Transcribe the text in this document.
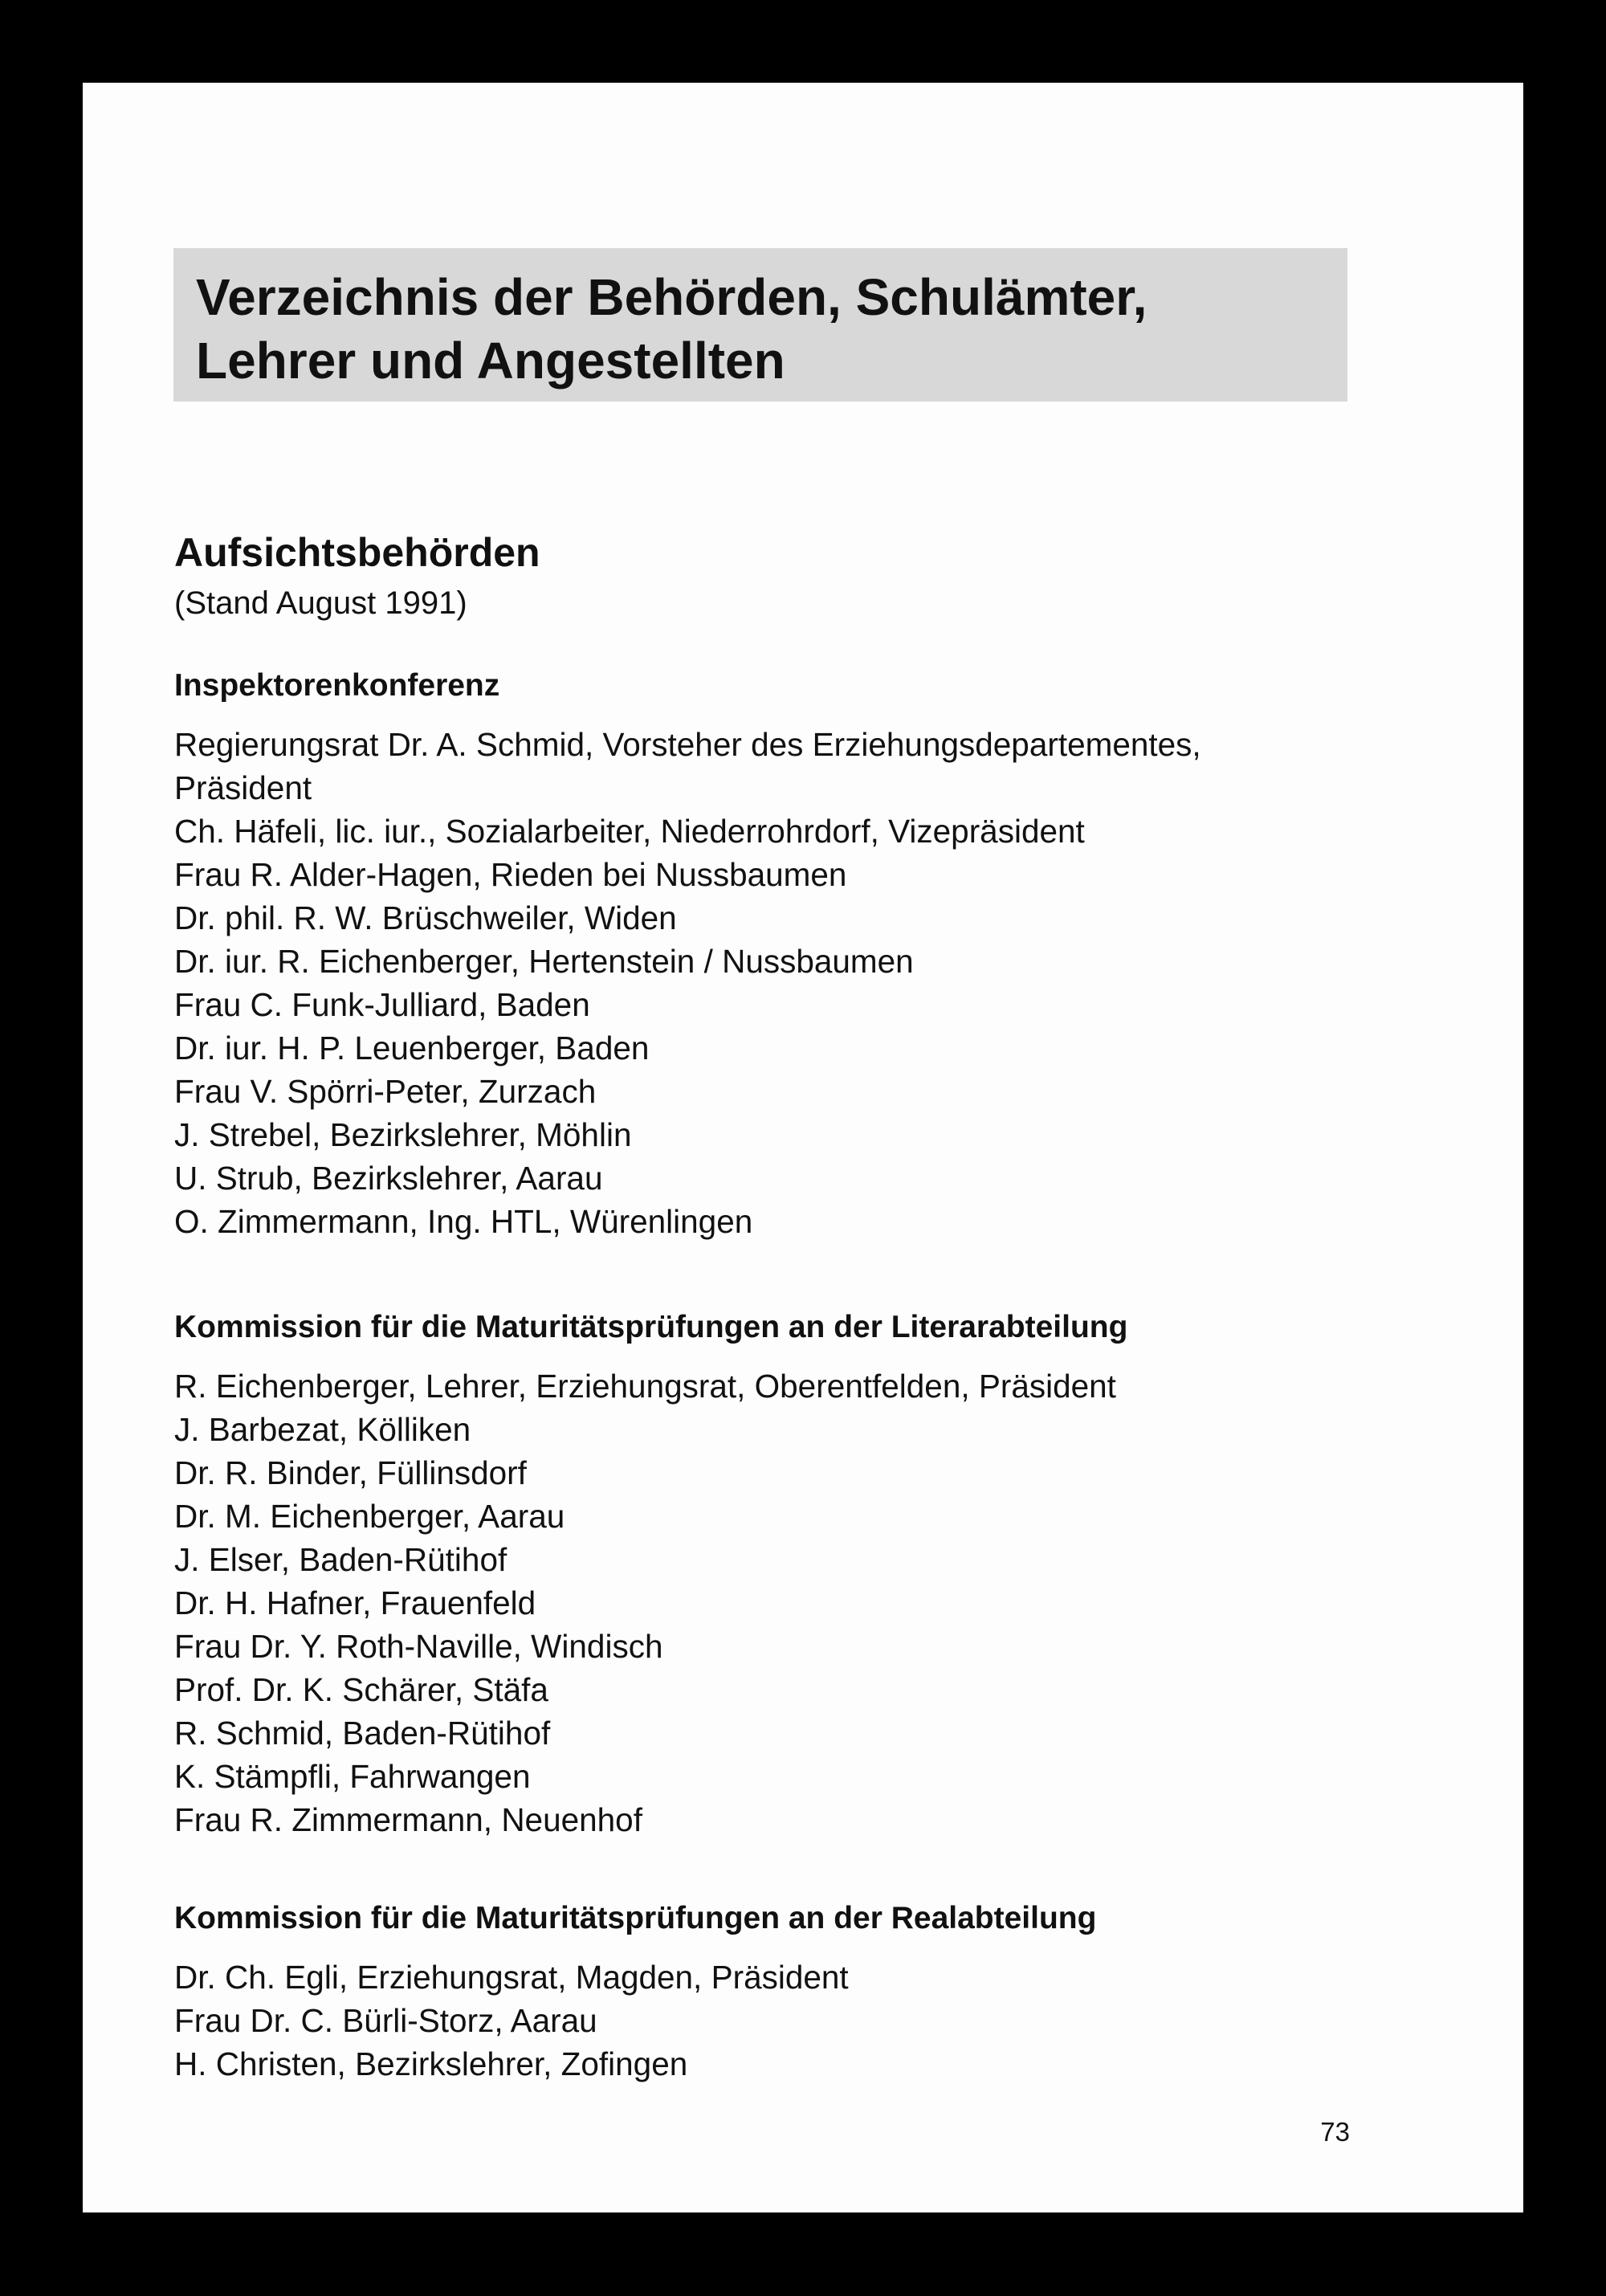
Verzeichnis der Behörden, Schulämter,
Lehrer und Angestellten
Aufsichtsbehörden
(Stand August 1991)
Inspektorenkonferenz
Regierungsrat Dr. A. Schmid, Vorsteher des Erziehungsdepartementes,
Präsident
Ch. Häfeli, lic. iur., Sozialarbeiter, Niederrohrdorf, Vizepräsident
Frau R. Alder-Hagen, Rieden bei Nussbaumen
Dr. phil. R. W. Brüschweiler, Widen
Dr. iur. R. Eichenberger, Hertenstein / Nussbaumen
Frau C. Funk-Julliard, Baden
Dr. iur. H. P. Leuenberger, Baden
Frau V. Spörri-Peter, Zurzach
J. Strebel, Bezirkslehrer, Möhlin
U. Strub, Bezirkslehrer, Aarau
O. Zimmermann, Ing. HTL, Würenlingen
Kommission für die Maturitätsprüfungen an der Literarabteilung
R. Eichenberger, Lehrer, Erziehungsrat, Oberentfelden, Präsident
J. Barbezat, Kölliken
Dr. R. Binder, Füllinsdorf
Dr. M. Eichenberger, Aarau
J. Elser, Baden-Rütihof
Dr. H. Hafner, Frauenfeld
Frau Dr. Y. Roth-Naville, Windisch
Prof. Dr. K. Schärer, Stäfa
R. Schmid, Baden-Rütihof
K. Stämpfli, Fahrwangen
Frau R. Zimmermann, Neuenhof
Kommission für die Maturitätsprüfungen an der Realabteilung
Dr. Ch. Egli, Erziehungsrat, Magden, Präsident
Frau Dr. C. Bürli-Storz, Aarau
H. Christen, Bezirkslehrer, Zofingen
73
